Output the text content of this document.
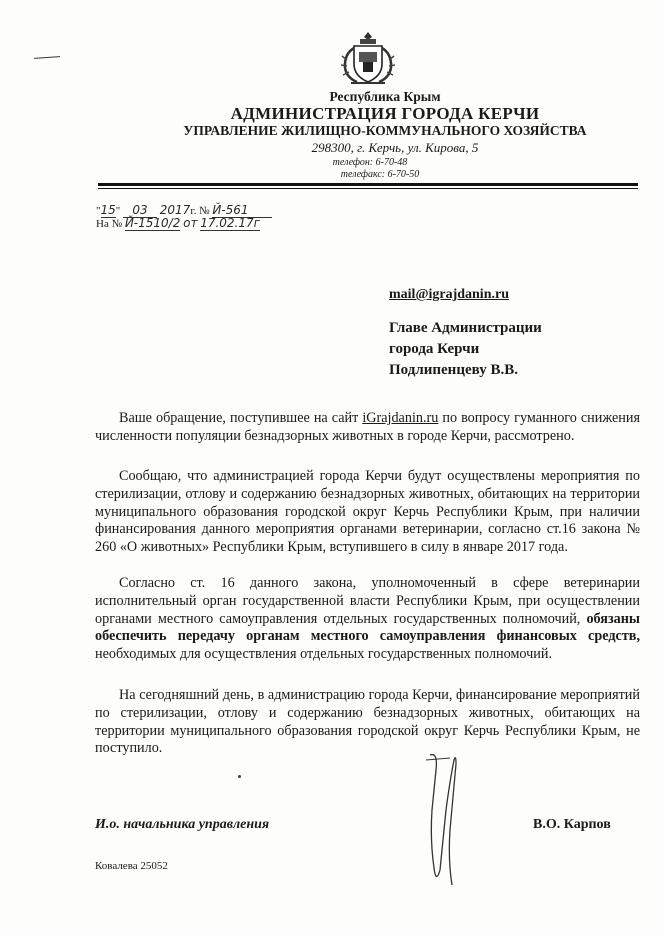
Республика Крым
АДМИНИСТРАЦИЯ ГОРОДА КЕРЧИ
УПРАВЛЕНИЕ ЖИЛИЩНО-КОММУНАЛЬНОГО ХОЗЯЙСТВА
298300, г. Керчь, ул. Кирова, 5
телефон: 6-70-48
телефакс: 6-70-50
"15" 03 2017г. № Й-561
На № Й-1510/2 от 17.02.17г
mail@igrajdanin.ru
Главе Администрации
города Керчи
Подлипенцеву В.В.

Ваше обращение, поступившее на сайт iGrajdanin.ru по вопросу гуманного снижения численности популяции безнадзорных животных в городе Керчи, рассмотрено.

Сообщаю, что администрацией города Керчи будут осуществлены мероприятия по стерилизации, отлову и содержанию безнадзорных животных, обитающих на территории муниципального образования городской округ Керчь Республики Крым, при наличии финансирования данного мероприятия органами ветеринарии, согласно ст.16 закона № 260 «О животных» Республики Крым, вступившего в силу в январе 2017 года.

Согласно ст. 16 данного закона, уполномоченный в сфере ветеринарии исполнительный орган государственной власти Республики Крым, при осуществлении органами местного самоуправления отдельных государственных полномочий, обязаны обеспечить передачу органам местного самоуправления финансовых средств, необходимых для осуществления отдельных государственных полномочий.

На сегодняшний день, в администрацию города Керчи, финансирование мероприятий по стерилизации, отлову и содержанию безнадзорных животных, обитающих на территории муниципального образования городской округ Керчь Республики Крым, не поступило.

И.о. начальника управления	В.О. Карпов
Ковалева 25052
